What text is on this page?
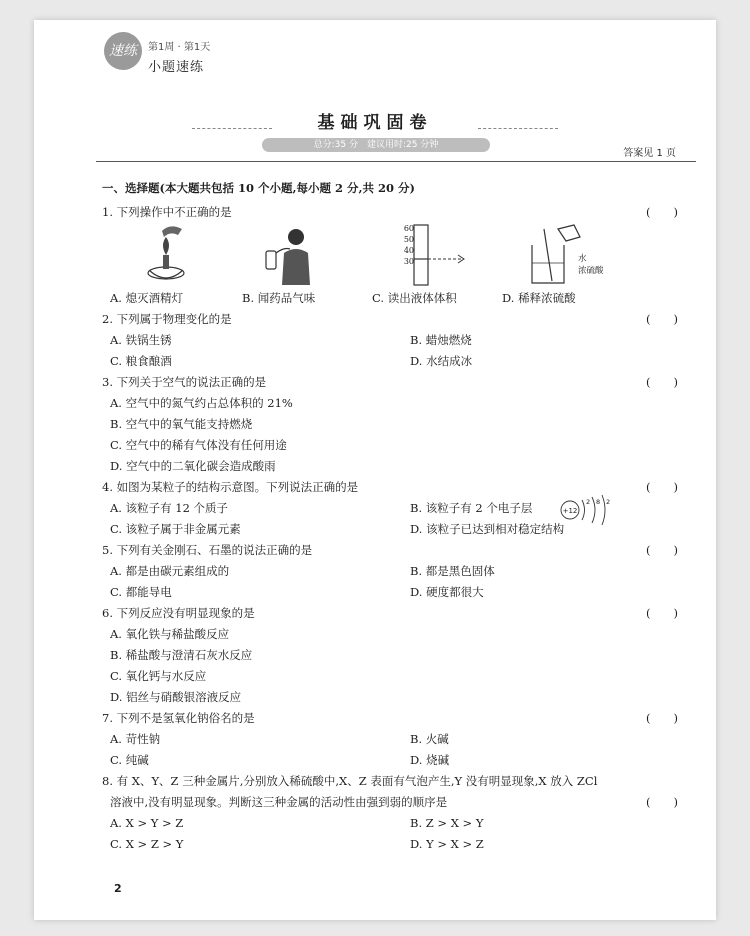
速练	第1周 · 第1天
小题速练
基础巩固卷
总分:35 分　建议用时:25 分钟
答案见 1 页
一、选择题(本大题共包括 10 个小题,每小题 2 分,共 20 分)
1. 下列操作中不正确的是	(　　)
60
50
40
30	水
浓硫酸
A. 熄灭酒精灯	B. 闻药品气味	C. 读出液体体积	D. 稀释浓硫酸
2. 下列属于物理变化的是	(　　)
A. 铁锅生锈	B. 蜡烛燃烧
C. 粮食酿酒	D. 水结成冰
3. 下列关于空气的说法正确的是	(　　)
A. 空气中的氮气约占总体积的 21%
B. 空气中的氧气能支持燃烧
C. 空气中的稀有气体没有任何用途
D. 空气中的二氧化碳会造成酸雨
4. 如图为某粒子的结构示意图。下列说法正确的是	(　　)
A. 该粒子有 12 个质子	B. 该粒子有 2 个电子层	+12
2 8 2
C. 该粒子属于非金属元素	D. 该粒子已达到相对稳定结构
5. 下列有关金刚石、石墨的说法正确的是	(　　)
A. 都是由碳元素组成的	B. 都是黑色固体
C. 都能导电	D. 硬度都很大
6. 下列反应没有明显现象的是	(　　)
A. 氧化铁与稀盐酸反应
B. 稀盐酸与澄清石灰水反应
C. 氧化钙与水反应
D. 铝丝与硝酸银溶液反应
7. 下列不是氢氧化钠俗名的是	(　　)
A. 苛性钠	B. 火碱
C. 纯碱	D. 烧碱
8. 有 X、Y、Z 三种金属片,分别放入稀硫酸中,X、Z 表面有气泡产生,Y 没有明显现象,X 放入 ZCl
溶液中,没有明显现象。判断这三种金属的活动性由强到弱的顺序是	(　　)
A. X > Y > Z	B. Z > X > Y
C. X > Z > Y	D. Y > X > Z
2
